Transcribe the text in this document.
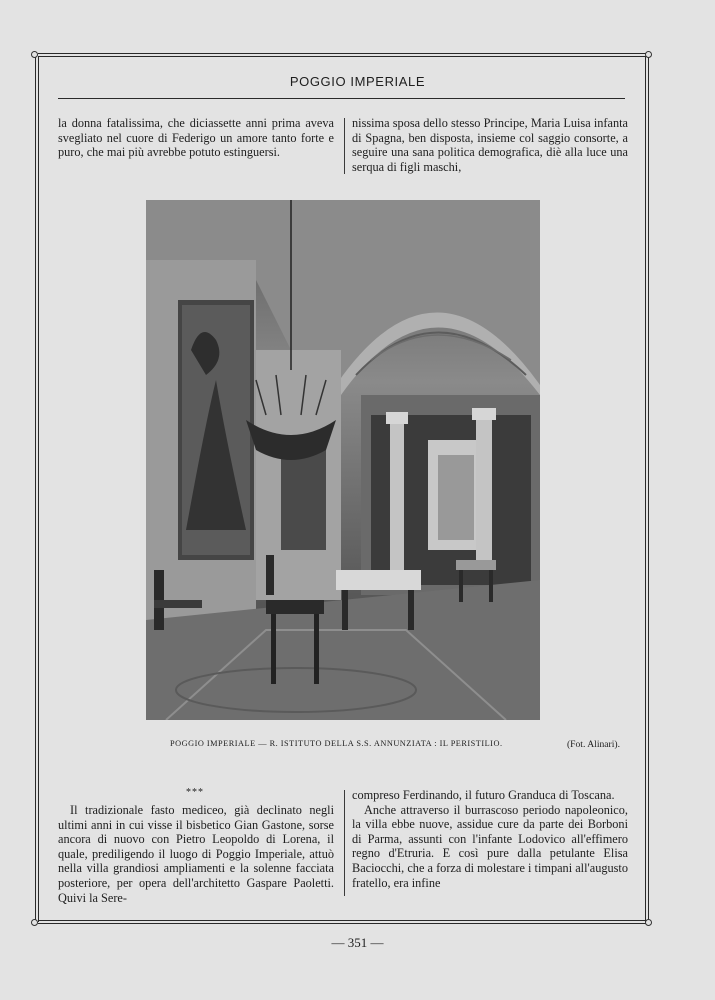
POGGIO IMPERIALE

la donna fatalissima, che diciassette anni prima aveva svegliato nel cuore di Federigo un amore tanto forte e puro, che mai più avrebbe potuto estinguersi.

nissima sposa dello stesso Principe, Maria Luisa infanta di Spagna, ben disposta, insieme col saggio consorte, a seguire una sana politica demografica, diè alla luce una serqua di figli maschi,

POGGIO IMPERIALE — R. ISTITUTO DELLA S.S. ANNUNZIATA : IL PERISTILIO.	(Fot. Alinari).
***

Il tradizionale fasto mediceo, già declinato negli ultimi anni in cui visse il bisbetico Gian Gastone, sorse ancora di nuovo con Pietro Leopoldo di Lorena, il quale, prediligendo il luogo di Poggio Imperiale, attuò nella villa grandiosi ampliamenti e la solenne facciata posteriore, per opera dell'architetto Gaspare Paoletti. Quivi la Sere-

compreso Ferdinando, il futuro Granduca di Toscana.

Anche attraverso il burrascoso periodo napoleonico, la villa ebbe nuove, assidue cure da parte dei Borboni di Parma, assunti con l'infante Lodovico all'effimero regno d'Etruria. E così pure dalla petulante Elisa Baciocchi, che a forza di molestare i timpani all'augusto fratello, era infine

— 351 —
